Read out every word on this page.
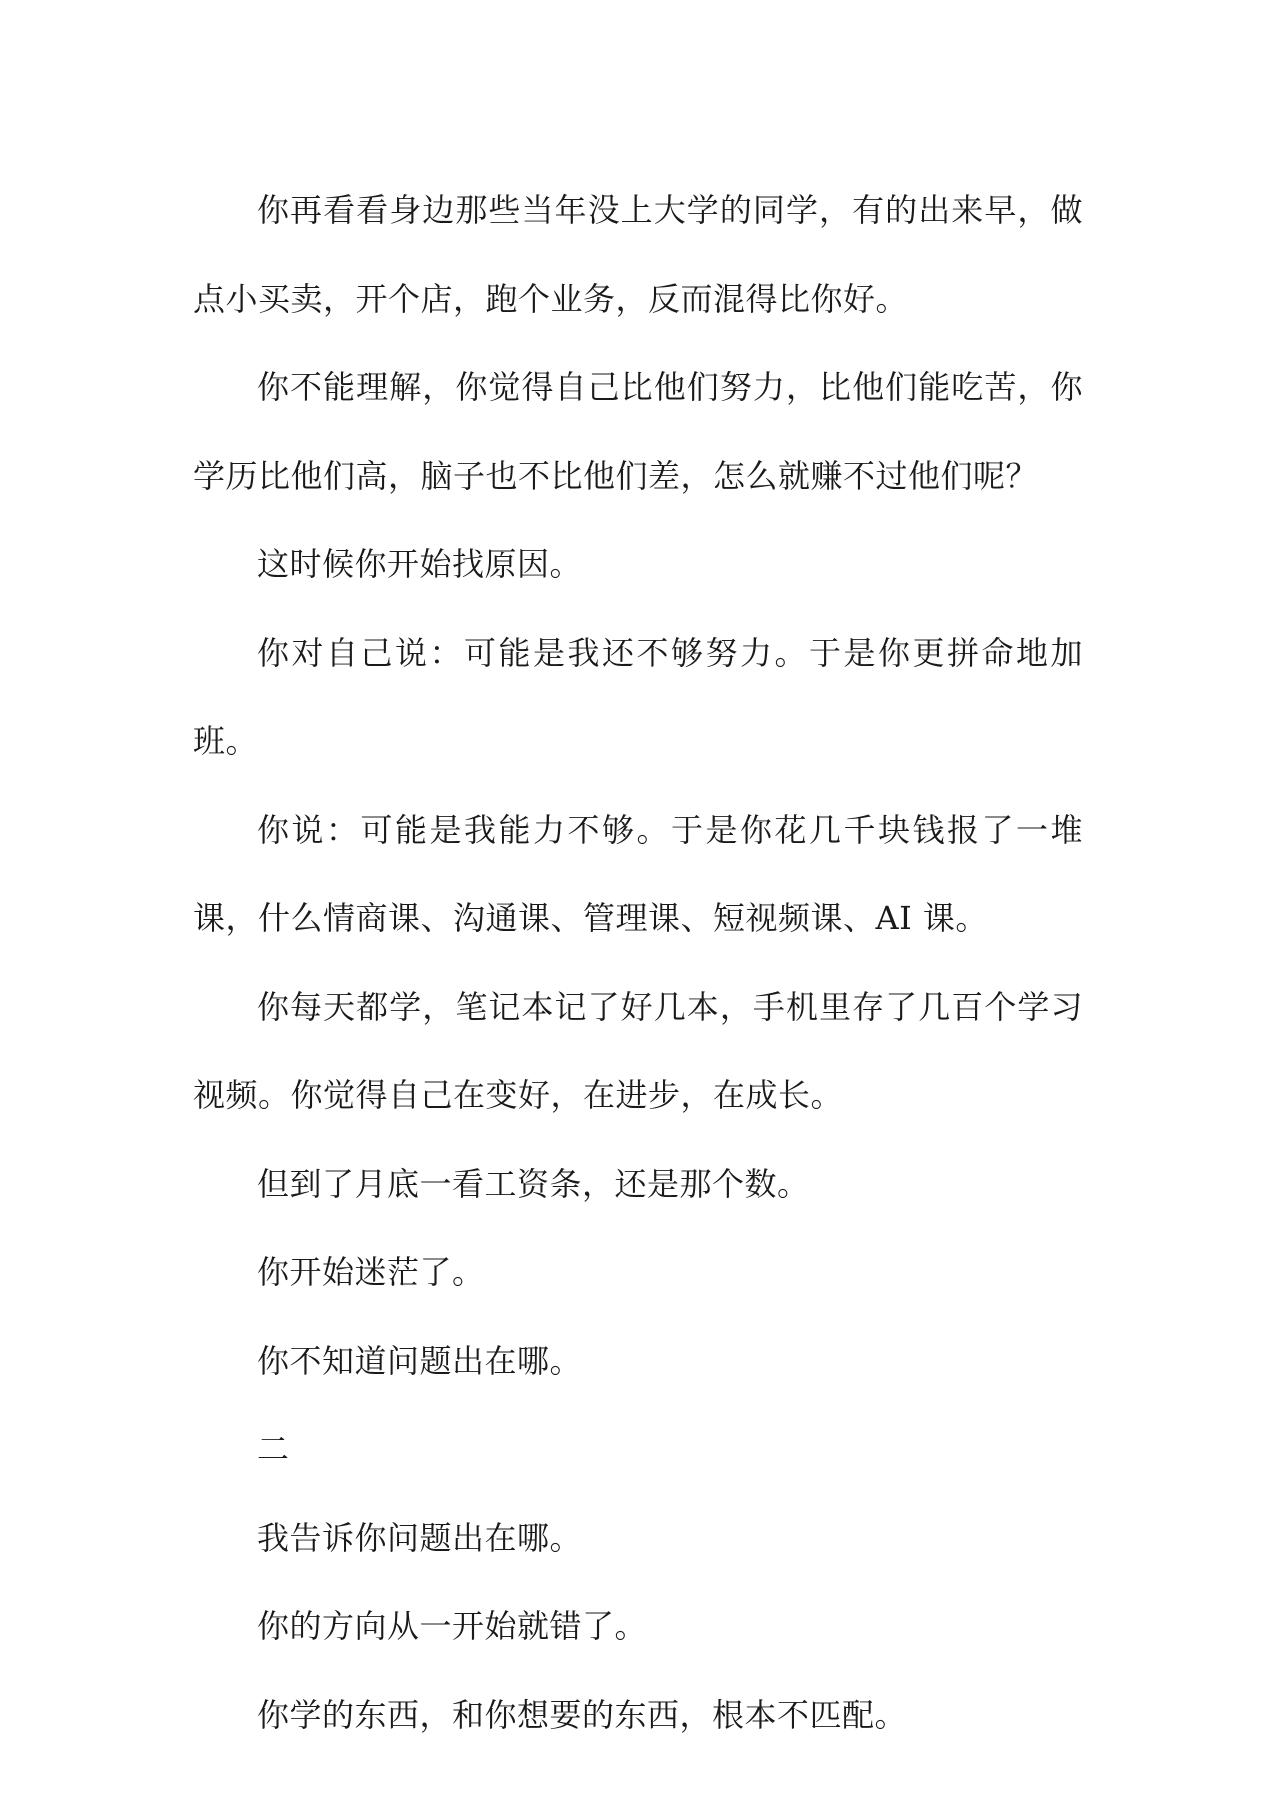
你再看看身边那些当年没上大学的同学，有的出来早，做点小买卖，开个店，跑个业务，反而混得比你好。

你不能理解，你觉得自己比他们努力，比他们能吃苦，你学历比他们高，脑子也不比他们差，怎么就赚不过他们呢？

这时候你开始找原因。

你对自己说：可能是我还不够努力。于是你更拼命地加班。

你说：可能是我能力不够。于是你花几千块钱报了一堆课，什么情商课、沟通课、管理课、短视频课、AI 课。

你每天都学，笔记本记了好几本，手机里存了几百个学习视频。你觉得自己在变好，在进步，在成长。

但到了月底一看工资条，还是那个数。

你开始迷茫了。

你不知道问题出在哪。

二

我告诉你问题出在哪。

你的方向从一开始就错了。

你学的东西，和你想要的东西，根本不匹配。
